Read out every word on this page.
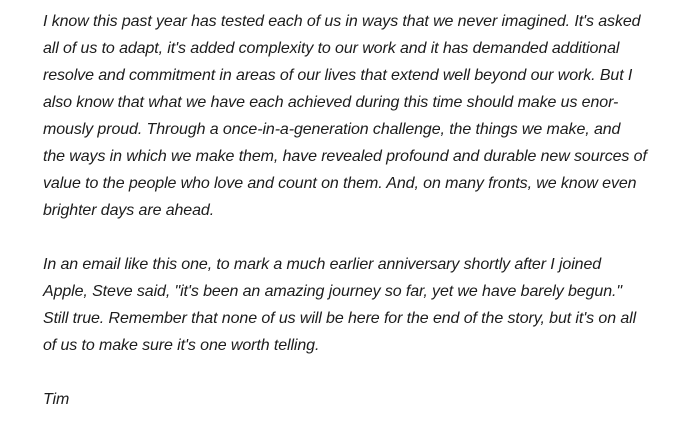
I know this past year has tested each of us in ways that we never imagined. It's asked
all of us to adapt, it's added complexity to our work and it has demanded additional
resolve and commitment in areas of our lives that extend well beyond our work. But I
also know that what we have each achieved during this time should make us enor-
mously proud. Through a once-in-a-generation challenge, the things we make, and
the ways in which we make them, have revealed profound and durable new sources of
value to the people who love and count on them. And, on many fronts, we know even
brighter days are ahead.
In an email like this one, to mark a much earlier anniversary shortly after I joined
Apple, Steve said, "it's been an amazing journey so far, yet we have barely begun."
Still true. Remember that none of us will be here for the end of the story, but it's on all
of us to make sure it's one worth telling.
Tim
